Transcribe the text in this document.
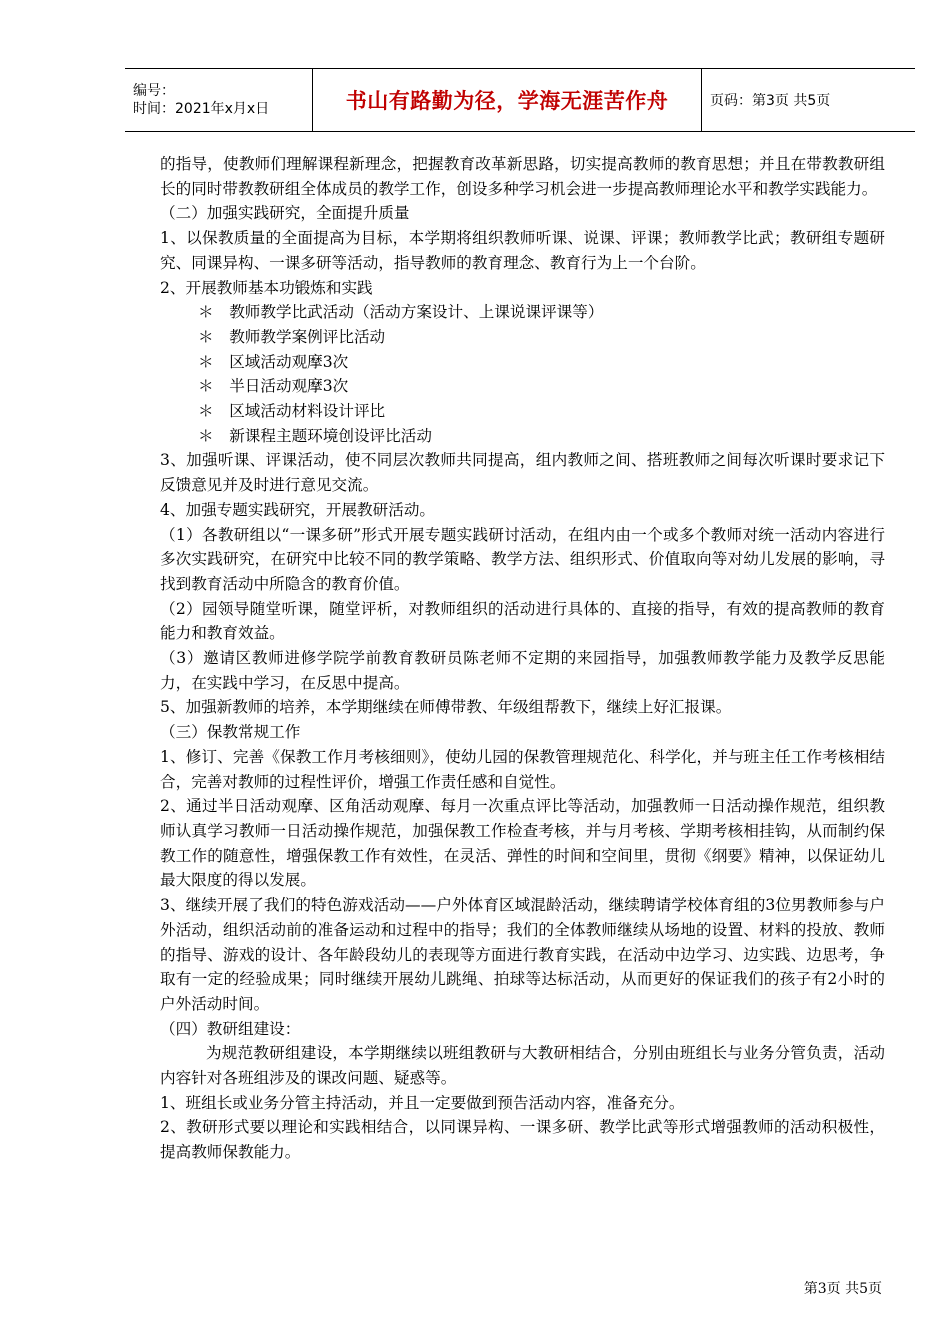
编号：
时间：2021年x月x日	书山有路勤为径，学海无涯苦作舟	页码：第3页 共5页

的指导，使教师们理解课程新理念，把握教育改革新思路，切实提高教师的教育思想；并且在带教教研组长的同时带教教研组全体成员的教学工作，创设多种学习机会进一步提高教师理论水平和教学实践能力。

（二）加强实践研究，全面提升质量

1、以保教质量的全面提高为目标，本学期将组织教师听课、说课、评课；教师教学比武；教研组专题研究、同课异构、一课多研等活动，指导教师的教育理念、教育行为上一个台阶。

2、开展教师基本功锻炼和实践

＊　教师教学比武活动（活动方案设计、上课说课评课等）

＊　教师教学案例评比活动

＊　区域活动观摩3次

＊　半日活动观摩3次

＊　区域活动材料设计评比

＊　新课程主题环境创设评比活动

3、加强听课、评课活动，使不同层次教师共同提高，组内教师之间、搭班教师之间每次听课时要求记下反馈意见并及时进行意见交流。

4、加强专题实践研究，开展教研活动。

（1）各教研组以“一课多研”形式开展专题实践研讨活动，在组内由一个或多个教师对统一活动内容进行多次实践研究，在研究中比较不同的教学策略、教学方法、组织形式、价值取向等对幼儿发展的影响，寻找到教育活动中所隐含的教育价值。

（2）园领导随堂听课，随堂评析，对教师组织的活动进行具体的、直接的指导，有效的提高教师的教育能力和教育效益。

（3）邀请区教师进修学院学前教育教研员陈老师不定期的来园指导，加强教师教学能力及教学反思能力，在实践中学习，在反思中提高。

5、加强新教师的培养，本学期继续在师傅带教、年级组帮教下，继续上好汇报课。

（三）保教常规工作

1、修订、完善《保教工作月考核细则》，使幼儿园的保教管理规范化、科学化，并与班主任工作考核相结合，完善对教师的过程性评价，增强工作责任感和自觉性。

2、通过半日活动观摩、区角活动观摩、每月一次重点评比等活动，加强教师一日活动操作规范，组织教师认真学习教师一日活动操作规范，加强保教工作检查考核，并与月考核、学期考核相挂钩，从而制约保教工作的随意性，增强保教工作有效性，在灵活、弹性的时间和空间里，贯彻《纲要》精神，以保证幼儿最大限度的得以发展。

3、继续开展了我们的特色游戏活动——户外体育区域混龄活动，继续聘请学校体育组的3位男教师参与户外活动，组织活动前的准备运动和过程中的指导；我们的全体教师继续从场地的设置、材料的投放、教师的指导、游戏的设计、各年龄段幼儿的表现等方面进行教育实践，在活动中边学习、边实践、边思考，争取有一定的经验成果；同时继续开展幼儿跳绳、拍球等达标活动，从而更好的保证我们的孩子有2小时的户外活动时间。

（四）教研组建设：

为规范教研组建设，本学期继续以班组教研与大教研相结合，分别由班组长与业务分管负责，活动内容针对各班组涉及的课改问题、疑惑等。

1、班组长或业务分管主持活动，并且一定要做到预告活动内容，准备充分。

2、教研形式要以理论和实践相结合，以同课异构、一课多研、教学比武等形式增强教师的活动积极性，提高教师保教能力。

第3页 共5页
